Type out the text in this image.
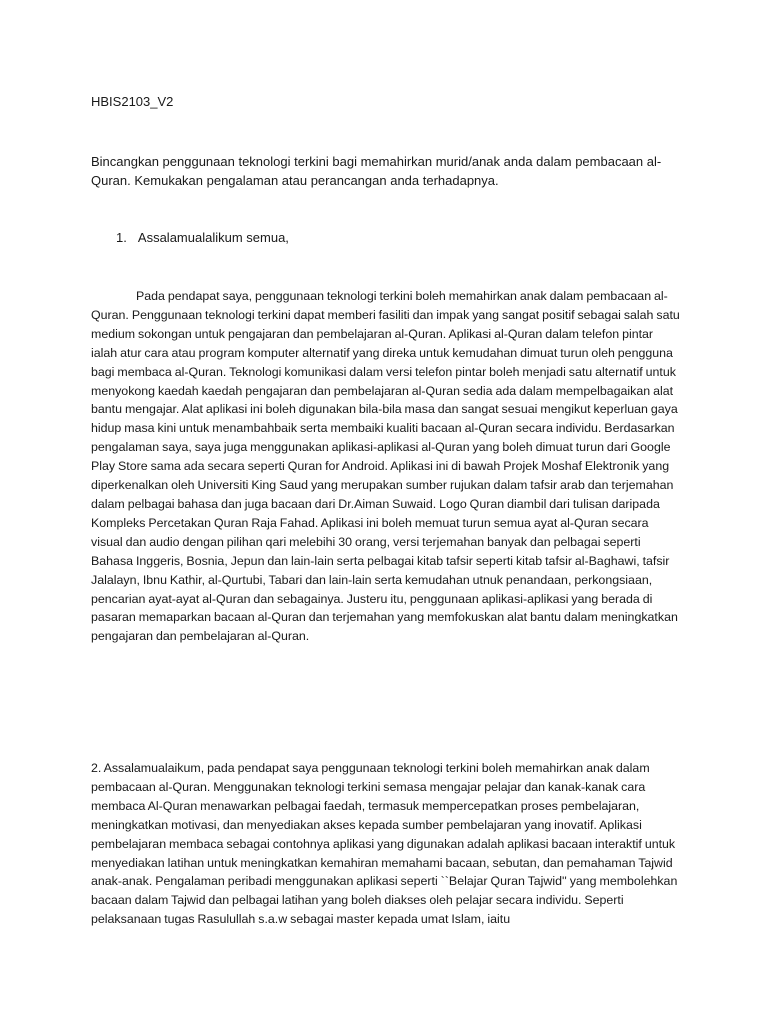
HBIS2103_V2

Bincangkan penggunaan teknologi terkini bagi memahirkan murid/anak anda dalam pembacaan al-Quran. Kemukakan pengalaman atau perancangan anda terhadapnya.

1. Assalamualalikum semua,

Pada pendapat saya, penggunaan teknologi terkini boleh memahirkan anak dalam pembacaan al-Quran. Penggunaan teknologi terkini dapat memberi fasiliti dan impak yang sangat positif sebagai salah satu medium sokongan untuk pengajaran dan pembelajaran al-Quran. Aplikasi al-Quran dalam telefon pintar ialah atur cara atau program komputer alternatif yang direka untuk kemudahan dimuat turun oleh pengguna bagi membaca al-Quran. Teknologi komunikasi dalam versi telefon pintar boleh menjadi satu alternatif untuk menyokong kaedah kaedah pengajaran dan pembelajaran al-Quran sedia ada dalam mempelbagaikan alat bantu mengajar. Alat aplikasi ini boleh digunakan bila-bila masa dan sangat sesuai mengikut keperluan gaya hidup masa kini untuk menambahbaik serta membaiki kualiti bacaan al-Quran secara individu. Berdasarkan pengalaman saya, saya juga menggunakan aplikasi-aplikasi al-Quran yang boleh dimuat turun dari Google Play Store sama ada secara seperti Quran for Android. Aplikasi ini di bawah Projek Moshaf Elektronik yang diperkenalkan oleh Universiti King Saud yang merupakan sumber rujukan dalam tafsir arab dan terjemahan dalam pelbagai bahasa dan juga bacaan dari Dr.Aiman Suwaid. Logo Quran diambil dari tulisan daripada Kompleks Percetakan Quran Raja Fahad. Aplikasi ini boleh memuat turun semua ayat al-Quran secara visual dan audio dengan pilihan qari melebihi 30 orang, versi terjemahan banyak dan pelbagai seperti Bahasa Inggeris, Bosnia, Jepun dan lain-lain serta pelbagai kitab tafsir seperti kitab tafsir al-Baghawi, tafsir Jalalayn, Ibnu Kathir, al-Qurtubi, Tabari dan lain-lain serta kemudahan utnuk penandaan, perkongsiaan, pencarian ayat-ayat al-Quran dan sebagainya. Justeru itu, penggunaan aplikasi-aplikasi yang berada di pasaran memaparkan bacaan al-Quran dan terjemahan yang memfokuskan alat bantu dalam meningkatkan pengajaran dan pembelajaran al-Quran.

2. Assalamualaikum, pada pendapat saya penggunaan teknologi terkini boleh memahirkan anak dalam pembacaan al-Quran. Menggunakan teknologi terkini semasa mengajar pelajar dan kanak-kanak cara membaca Al-Quran menawarkan pelbagai faedah, termasuk mempercepatkan proses pembelajaran, meningkatkan motivasi, dan menyediakan akses kepada sumber pembelajaran yang inovatif. Aplikasi pembelajaran membaca sebagai contohnya aplikasi yang digunakan adalah aplikasi bacaan interaktif untuk menyediakan latihan untuk meningkatkan kemahiran memahami bacaan, sebutan, dan pemahaman Tajwid anak-anak. Pengalaman peribadi menggunakan aplikasi seperti ``Belajar Quran Tajwid'' yang membolehkan bacaan dalam Tajwid dan pelbagai latihan yang boleh diakses oleh pelajar secara individu. Seperti pelaksanaan tugas Rasulullah s.a.w sebagai master kepada umat Islam, iaitu
